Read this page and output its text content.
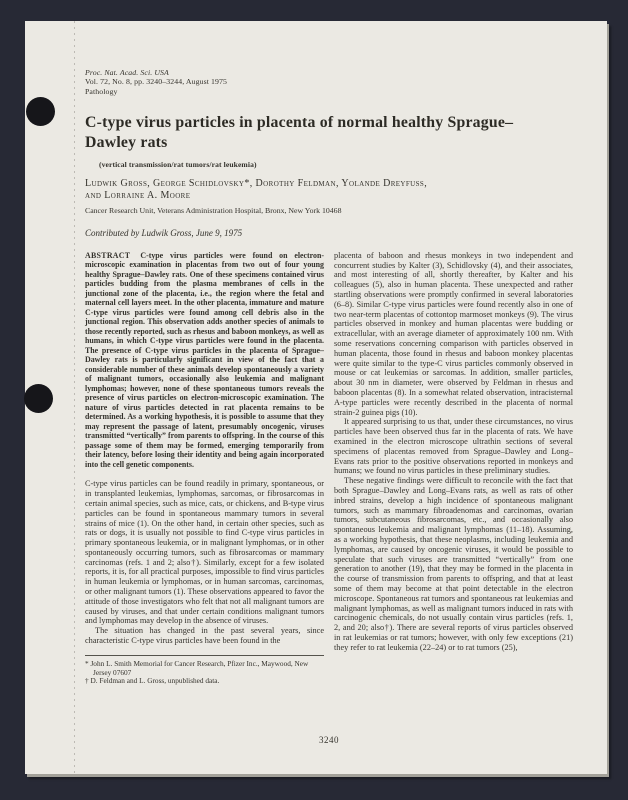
Proc. Nat. Acad. Sci. USA
Vol. 72, No. 8, pp. 3240–3244, August 1975
Pathology
C-type virus particles in placenta of normal healthy Sprague–
Dawley rats
(vertical transmission/rat tumors/rat leukemia)
Ludwik Gross, George Schidlovsky*, Dorothy Feldman, Yolande Dreyfuss,
and Lorraine A. Moore
Cancer Research Unit, Veterans Administration Hospital, Bronx, New York 10468
Contributed by Ludwik Gross, June 9, 1975

ABSTRACT C-type virus particles were found on electron-microscopic examination in placentas from two out of four young healthy Sprague–Dawley rats. One of these specimens contained virus particles budding from the plasma membranes of cells in the junctional zone of the placenta, i.e., the region where the fetal and maternal cell layers meet. In the other placenta, immature and mature C-type virus particles were found among cell debris also in the junctional region. This observation adds another species of animals to those recently reported, such as rhesus and baboon monkeys, as well as humans, in which C-type virus particles were found in the placenta. The presence of C-type virus particles in the placenta of Sprague–Dawley rats is particularly significant in view of the fact that a considerable number of these animals develop spontaneously a variety of malignant tumors, occasionally also leukemia and malignant lymphomas; however, none of these spontaneous tumors reveals the presence of virus particles on electron-microscopic examination. The nature of virus particles detected in rat placenta remains to be determined. As a working hypothesis, it is possible to assume that they may represent the passage of latent, presumably oncogenic, viruses transmitted “vertically” from parents to offspring. In the course of this passage some of them may be formed, emerging temporarily from their latency, before losing their identity and being again incorporated into the cell genetic components.

C-type virus particles can be found readily in primary, spontaneous, or in transplanted leukemias, lymphomas, sarcomas, or fibrosarcomas in certain animal species, such as mice, cats, or chickens, and B-type virus particles can be found in spontaneous mammary tumors in several strains of mice (1). On the other hand, in certain other species, such as rats or dogs, it is usually not possible to find C-type virus particles in primary spontaneous leukemia, or in malignant lymphomas, or in other spontaneously occurring tumors, such as fibrosarcomas or mammary carcinomas (refs. 1 and 2; also†). Similarly, except for a few isolated reports, it is, for all practical purposes, impossible to find virus particles in human leukemia or lymphomas, or in human sarcomas, carcinomas, or other malignant tumors (1). These observations appeared to favor the attitude of those investigators who felt that not all malignant tumors are caused by viruses, and that under certain conditions malignant tumors and lymphomas may develop in the absence of viruses.

The situation has changed in the past several years, since characteristic C-type virus particles have been found in the

* John L. Smith Memorial for Cancer Research, Pfizer Inc., Maywood, New Jersey 07607

† D. Feldman and L. Gross, unpublished data.

placenta of baboon and rhesus monkeys in two independent and concurrent studies by Kalter (3), Schidlovsky (4), and their associates, and most interesting of all, shortly thereafter, by Kalter and his colleagues (5), also in human placenta. These unexpected and rather startling observations were promptly confirmed in several laboratories (6–8). Similar C-type virus particles were found recently also in one of two near-term placentas of cottontop marmoset monkeys (9). The virus particles observed in monkey and human placentas were budding or extracellular, with an average diameter of approximately 100 nm. With some reservations concerning comparison with particles observed in human placenta, those found in rhesus and baboon monkey placentas were quite similar to the type-C virus particles commonly observed in mouse or cat leukemias or sarcomas. In addition, smaller particles, about 30 nm in diameter, were observed by Feldman in rhesus and baboon placentas (8). In a somewhat related observation, intracisternal A-type particles were recently described in the placenta of normal strain-2 guinea pigs (10).

It appeared surprising to us that, under these circumstances, no virus particles have been observed thus far in the placenta of rats. We have examined in the electron microscope ultrathin sections of several specimens of placentas removed from Sprague–Dawley and Long–Evans rats prior to the positive observations reported in monkeys and humans; we found no virus particles in these preliminary studies.

These negative findings were difficult to reconcile with the fact that both Sprague–Dawley and Long–Evans rats, as well as rats of other inbred strains, develop a high incidence of spontaneous malignant tumors, such as mammary fibroadenomas and carcinomas, ovarian tumors, subcutaneous fibrosarcomas, etc., and occasionally also spontaneous leukemia and malignant lymphomas (11–18). Assuming, as a working hypothesis, that these neoplasms, including leukemia and lymphomas, are caused by oncogenic viruses, it would be possible to speculate that such viruses are transmitted “vertically” from one generation to another (19), that they may be formed in the placenta in the course of transmission from parents to offspring, and that at least some of them may become at that point detectable in the electron microscope. Spontaneous rat tumors and spontaneous rat leukemias and malignant lymphomas, as well as malignant tumors induced in rats with carcinogenic chemicals, do not usually contain virus particles (refs. 1, 2, and 20; also†). There are several reports of virus particles observed in rat leukemias or rat tumors; however, with only few exceptions (21) they refer to rat leukemia (22–24) or to rat tumors (25),

3240
